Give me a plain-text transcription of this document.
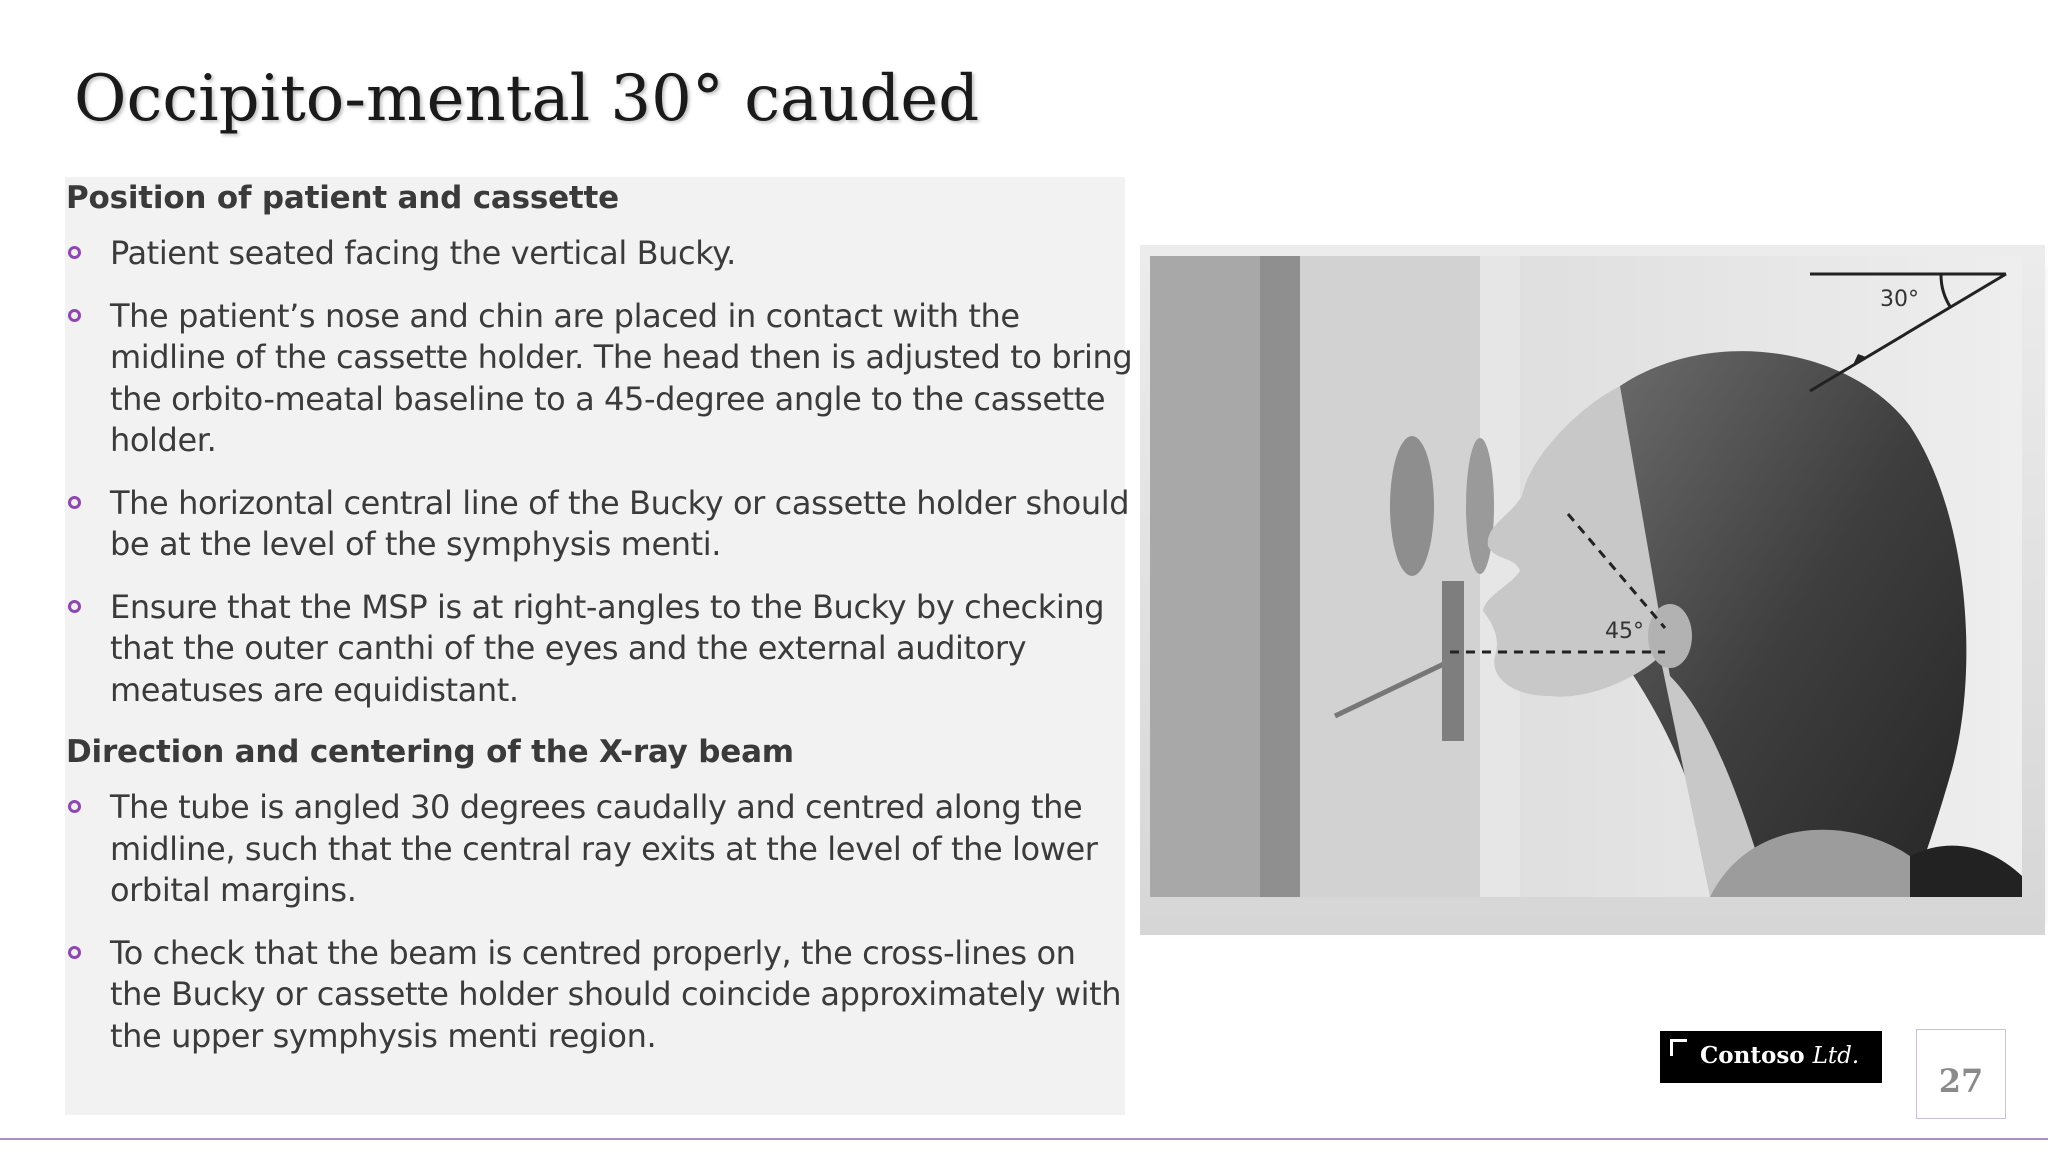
Occipito-mental 30° cauded

Position of patient and cassette

Patient seated facing the vertical Bucky.
The patient’s nose and chin are placed in contact with the midline of the cassette holder. The head then is adjusted to bring the orbito-meatal baseline to a 45-degree angle to the cassette holder.
The horizontal central line of the Bucky or cassette holder should be at the level of the symphysis menti.
Ensure that the MSP is at right-angles to the Bucky by checking that the outer canthi of the eyes and the external auditory meatuses are equidistant.

Direction and centering of the X-ray beam

The tube is angled 30 degrees caudally and centred along the midline, such that the central ray exits at the level of the lower orbital margins.
To check that the beam is centred properly, the cross-lines on the Bucky or cassette holder should coincide approximately with the upper symphysis menti region.
30°
45°
Contoso Ltd.
27
